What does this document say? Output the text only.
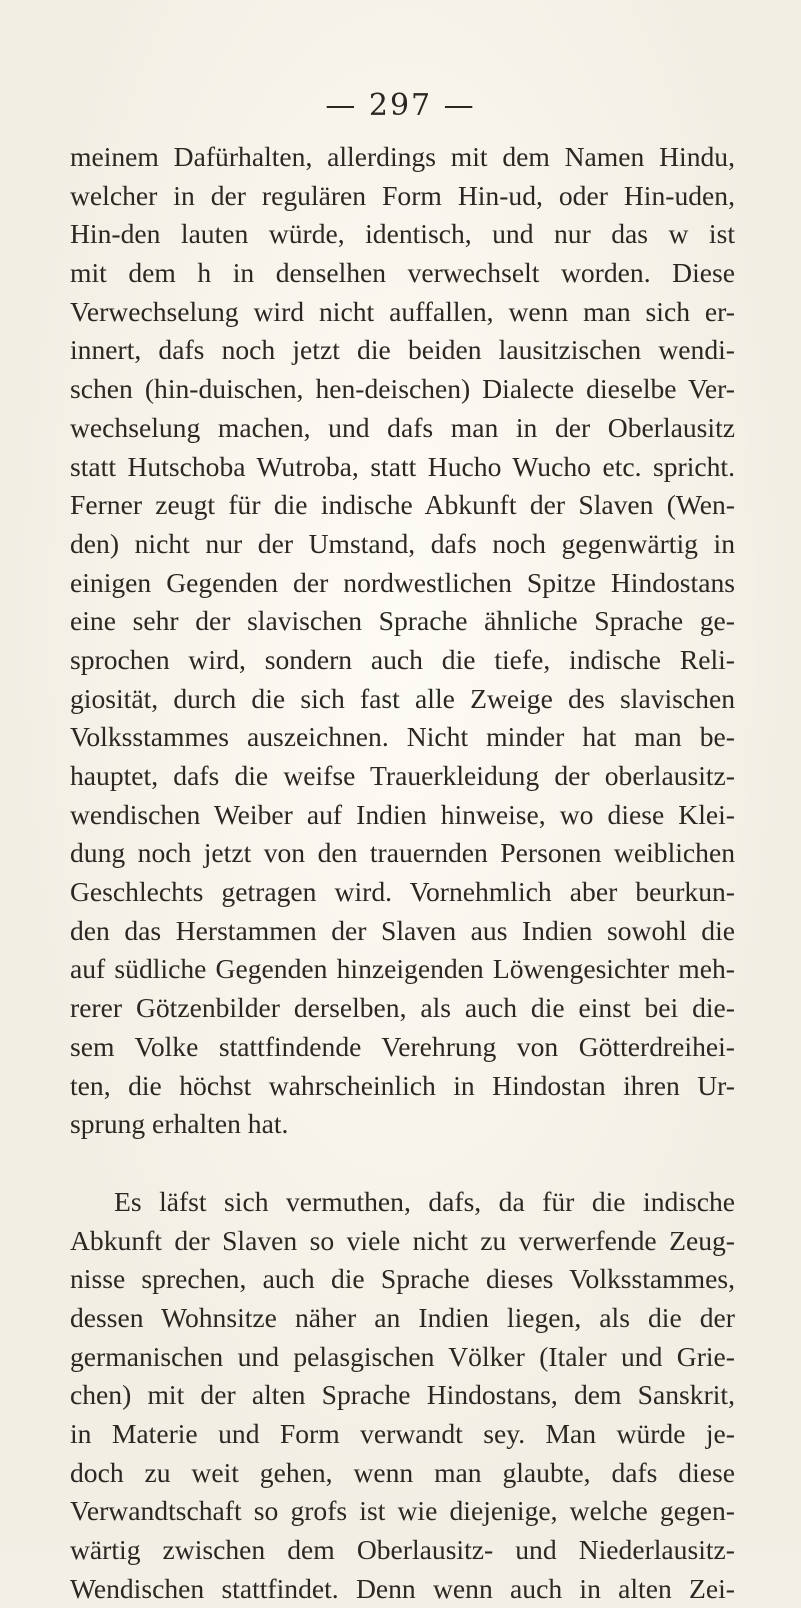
— 297 —
meinem Dafürhalten, allerdings mit dem Namen Hindu,
welcher in der regulären Form Hin-ud, oder Hin-uden,
Hin-den lauten würde, identisch, und nur das w ist
mit dem h in denselhen verwechselt worden. Diese
Verwechselung wird nicht auffallen, wenn man sich er-
innert, dafs noch jetzt die beiden lausitzischen wendi-
schen (hin-duischen, hen-deischen) Dialecte dieselbe Ver-
wechselung machen, und dafs man in der Oberlausitz
statt Hutschoba Wutroba, statt Hucho Wucho etc. spricht.
Ferner zeugt für die indische Abkunft der Slaven (Wen-
den) nicht nur der Umstand, dafs noch gegenwärtig in
einigen Gegenden der nordwestlichen Spitze Hindostans
eine sehr der slavischen Sprache ähnliche Sprache ge-
sprochen wird, sondern auch die tiefe, indische Reli-
giosität, durch die sich fast alle Zweige des slavischen
Volksstammes auszeichnen. Nicht minder hat man be-
hauptet, dafs die weifse Trauerkleidung der oberlausitz-
wendischen Weiber auf Indien hinweise, wo diese Klei-
dung noch jetzt von den trauernden Personen weiblichen
Geschlechts getragen wird. Vornehmlich aber beurkun-
den das Herstammen der Slaven aus Indien sowohl die
auf südliche Gegenden hinzeigenden Löwengesichter meh-
rerer Götzenbilder derselben, als auch die einst bei die-
sem Volke stattfindende Verehrung von Götterdreihei-
ten, die höchst wahrscheinlich in Hindostan ihren Ur-
sprung erhalten hat.
Es läfst sich vermuthen, dafs, da für die indische
Abkunft der Slaven so viele nicht zu verwerfende Zeug-
nisse sprechen, auch die Sprache dieses Volksstammes,
dessen Wohnsitze näher an Indien liegen, als die der
germanischen und pelasgischen Völker (Italer und Grie-
chen) mit der alten Sprache Hindostans, dem Sanskrit,
in Materie und Form verwandt sey. Man würde je-
doch zu weit gehen, wenn man glaubte, dafs diese
Verwandtschaft so grofs ist wie diejenige, welche gegen-
wärtig zwischen dem Oberlausitz- und Niederlausitz-
Wendischen stattfindet. Denn wenn auch in alten Zei-
